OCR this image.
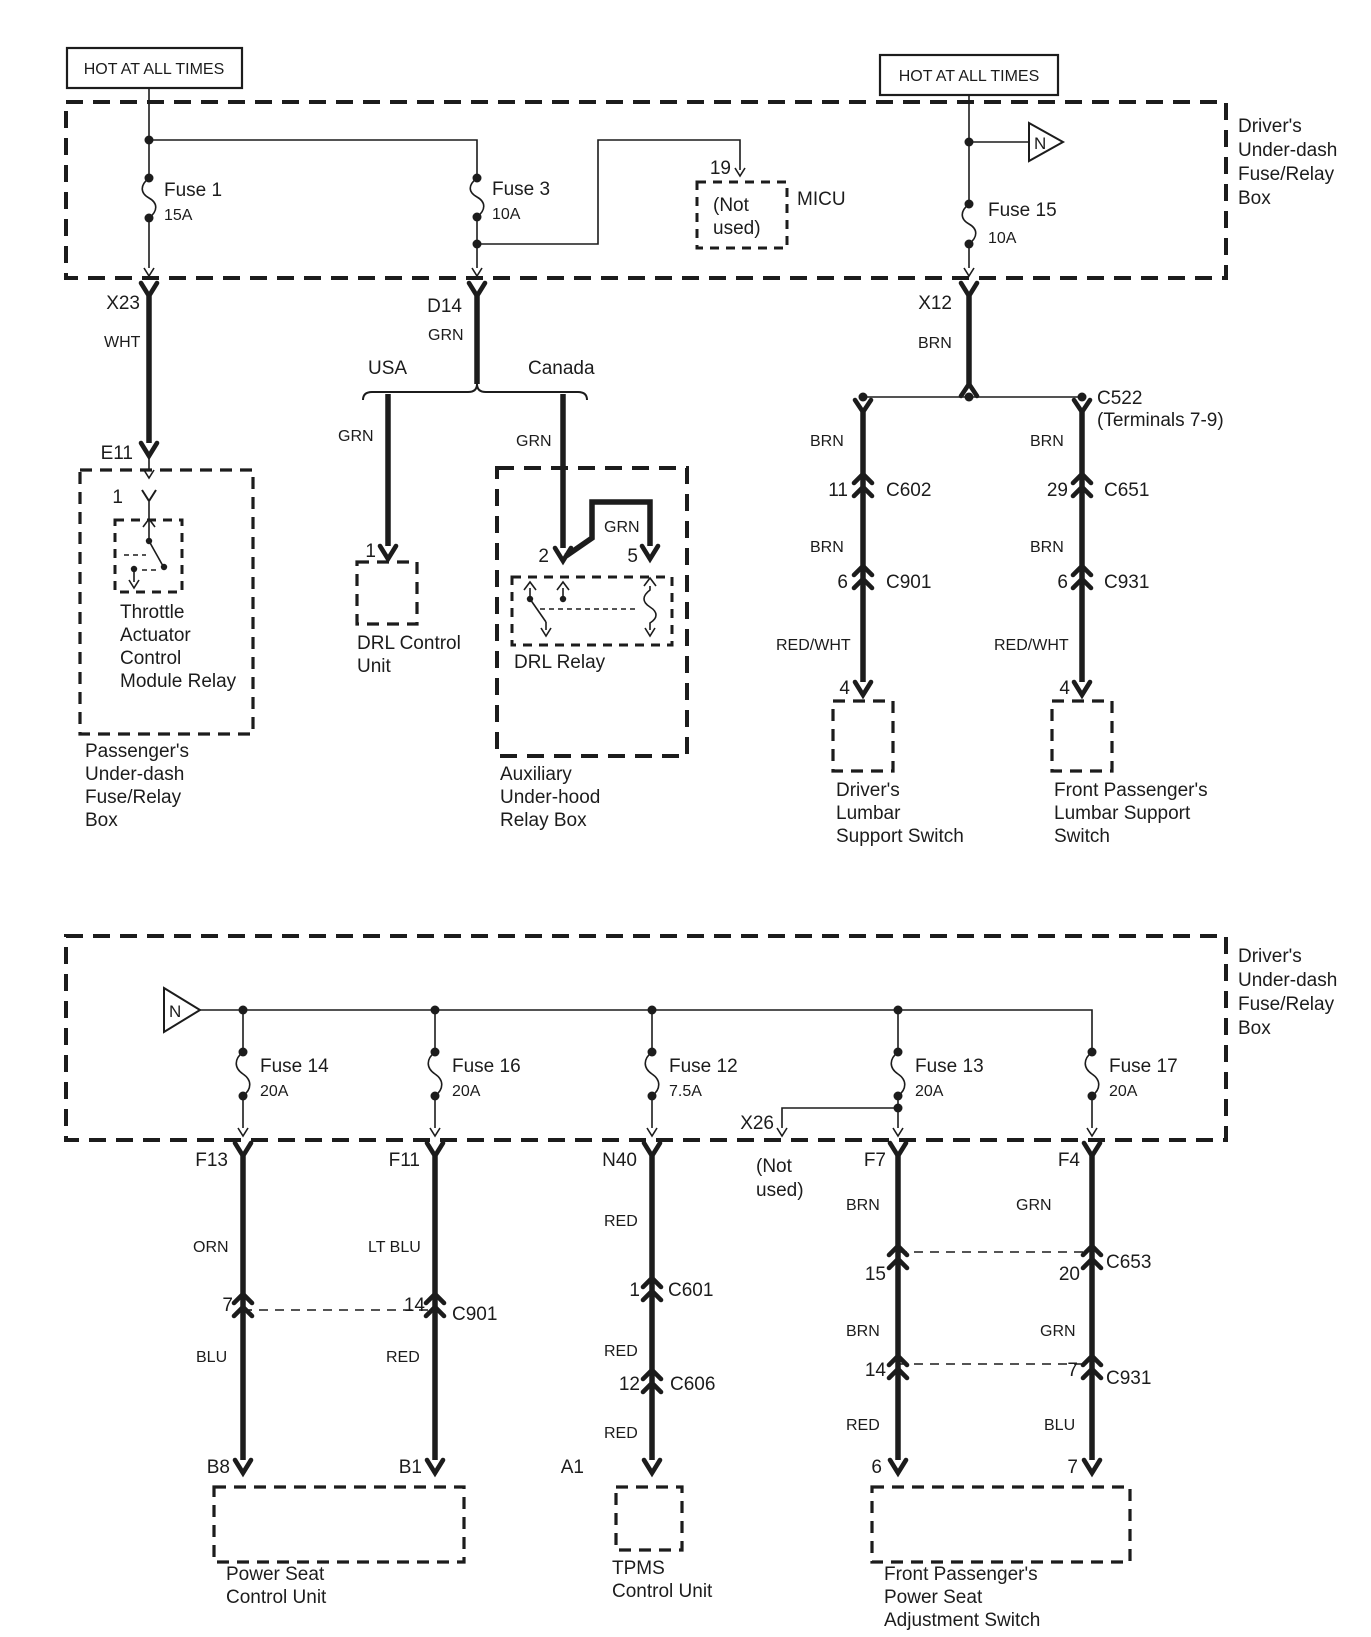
HOT AT ALL TIMES	HOT AT ALL TIMES
Driver's
Under-dash
Fuse/Relay
Box
Fuse 1
15A
Fuse 3
10A
19
(Not
used)
MICU
N
Fuse 15
10A
X23
WHT
E11
1
Throttle
Actuator
Control
Module Relay
Passenger's
Under-dash
Fuse/Relay
Box
D14
GRN
USA	Canada
GRN
1
DRL Control
Unit
GRN
GRN
2	5
DRL Relay
Auxiliary
Under-hood
Relay Box
X12
BRN
C522
(Terminals 7-9)
BRN
11 C602
BRN
6 C901
RED/WHT
4
Driver's
Lumbar
Support Switch
BRN
29 C651
BRN
6 C931
RED/WHT
4
Front Passenger's
Lumbar Support
Switch
Driver's
Under-dash
Fuse/Relay
Box
N
Fuse 14
20A
Fuse 16
20A
Fuse 12
7.5A
Fuse 13
20A
Fuse 17
20A
X26
(Not
used)
F13
ORN
7
BLU
B8
F11
LT BLU
14 C901
RED
B1
N40
RED
1 C601
RED
12 C606
RED
A1
F7
BRN
15
BRN
14
RED
6
F4
GRN
20
C653
GRN
7 C931
BLU
7
Power Seat
Control Unit
TPMS
Control Unit
Front Passenger's
Power Seat
Adjustment Switch
